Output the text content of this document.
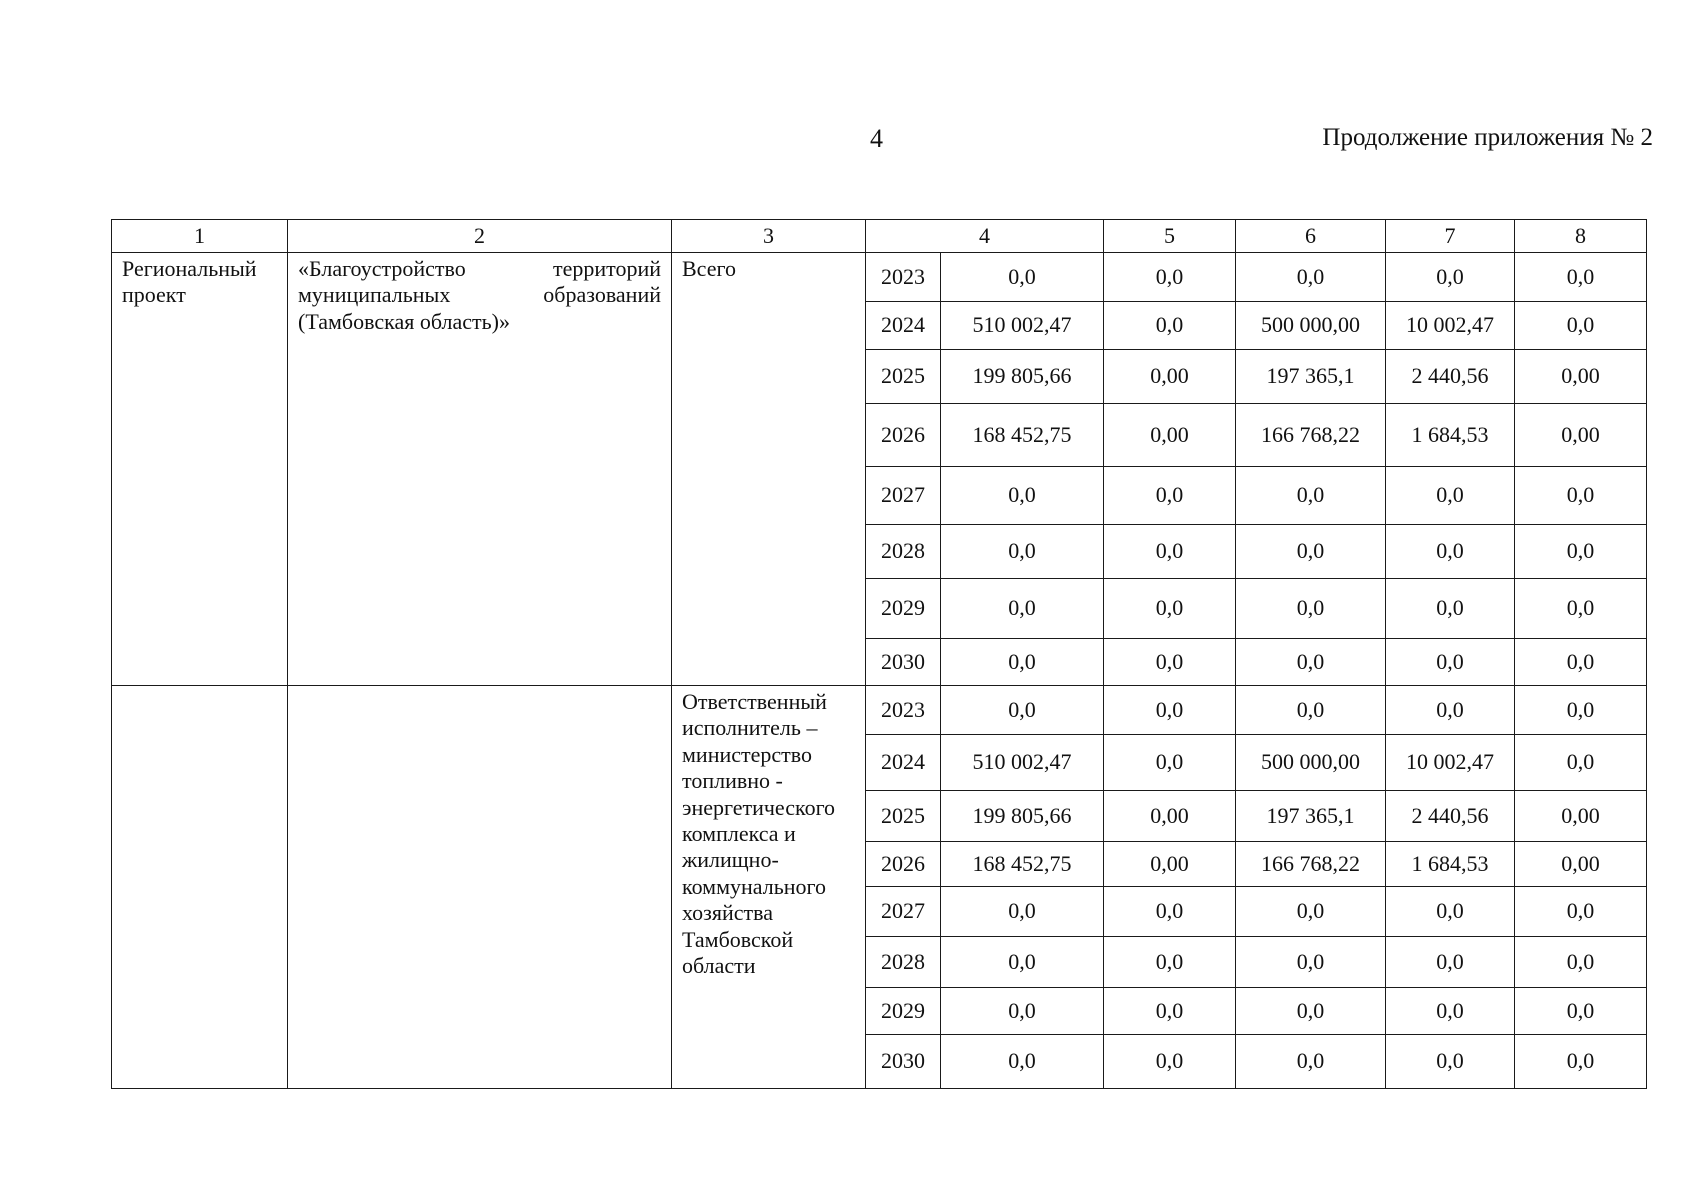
4	Продолжение приложения № 2
1	2	3	4		5	6	7	8
Региональный проект	«Благоустройство территорий муниципальных образований (Тамбовская область)»	Всего	2023	0,0	0,0	0,0	0,0	0,0
			2024	510 002,47	0,0	500 000,00	10 002,47	0,0
			2025	199 805,66	0,00	197 365,1	2 440,56	0,00
			2026	168 452,75	0,00	166 768,22	1 684,53	0,00
			2027	0,0	0,0	0,0	0,0	0,0
			2028	0,0	0,0	0,0	0,0	0,0
			2029	0,0	0,0	0,0	0,0	0,0
			2030	0,0	0,0	0,0	0,0	0,0
		Ответственный исполнитель – министерство топливно - энергетического комплекса и жилищно-коммунального хозяйства Тамбовской области	2023	0,0	0,0	0,0	0,0	0,0
			2024	510 002,47	0,0	500 000,00	10 002,47	0,0
			2025	199 805,66	0,00	197 365,1	2 440,56	0,00
			2026	168 452,75	0,00	166 768,22	1 684,53	0,00
			2027	0,0	0,0	0,0	0,0	0,0
			2028	0,0	0,0	0,0	0,0	0,0
			2029	0,0	0,0	0,0	0,0	0,0
			2030	0,0	0,0	0,0	0,0	0,0
